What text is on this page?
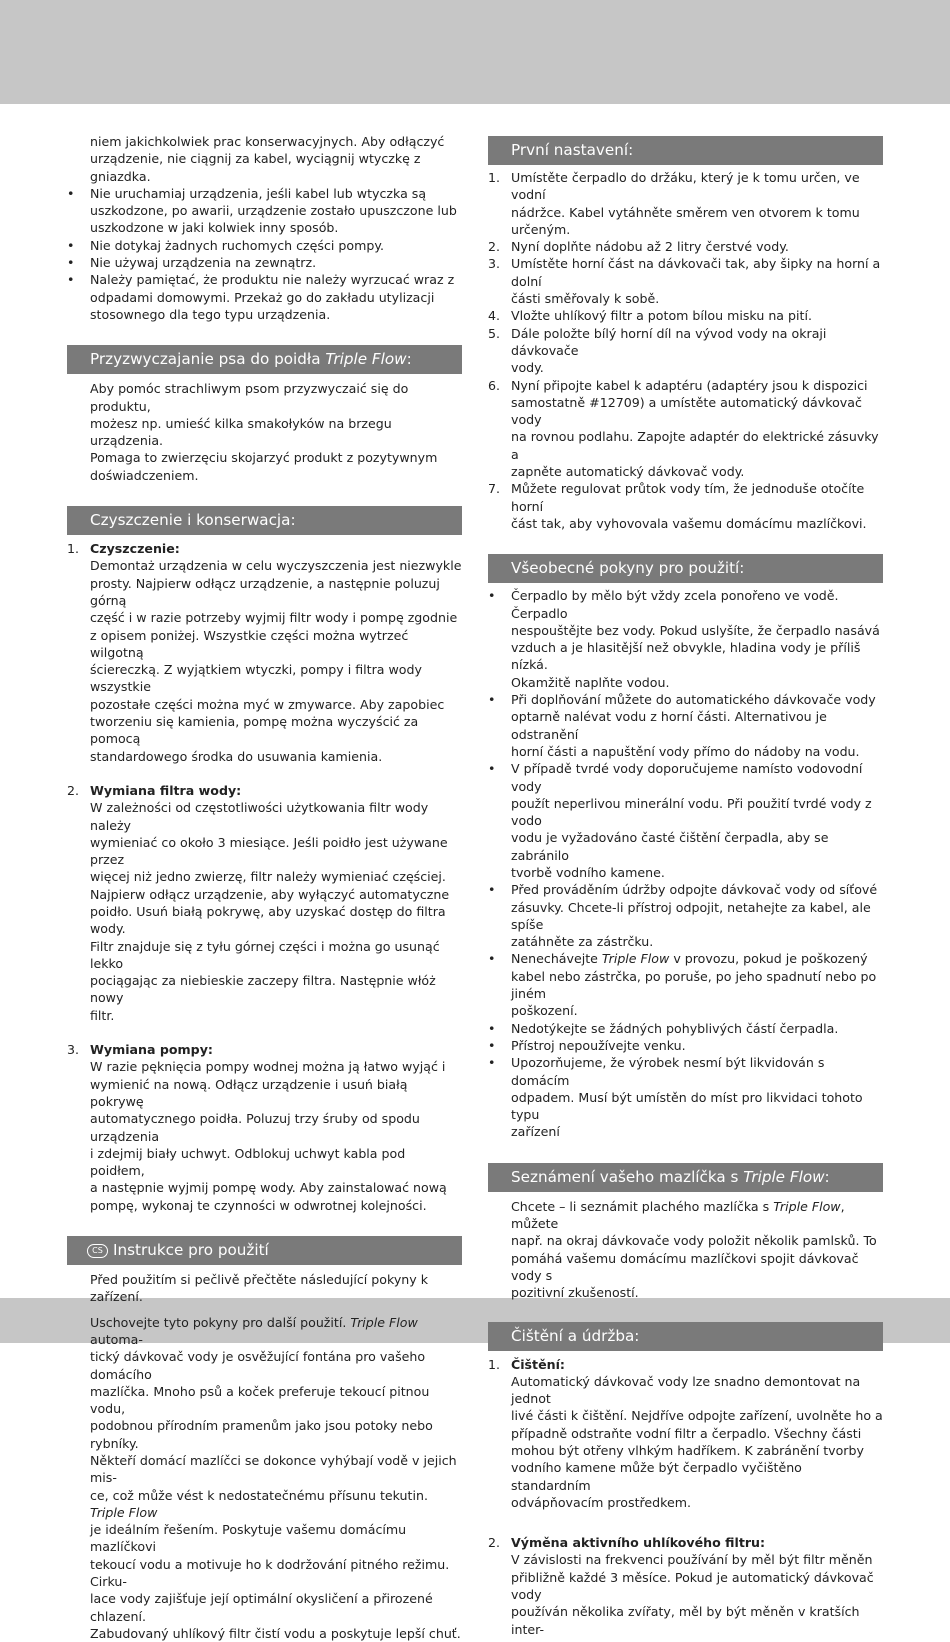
niem jakichkolwiek prac konserwacyjnych. Aby odłączyć

urządzenie, nie ciągnij za kabel, wyciągnij wtyczkę z gniazdka.

• Nie uruchamiaj urządzenia, jeśli kabel lub wtyczka są

uszkodzone, po awarii, urządzenie zostało upuszczone lub

uszkodzone w jaki kolwiek inny sposób.

• Nie dotykaj żadnych ruchomych części pompy.

• Nie używaj urządzenia na zewnątrz.

• Należy pamiętać, że produktu nie należy wyrzucać wraz z

odpadami domowymi. Przekaż go do zakładu utylizacji

stosownego dla tego typu urządzenia.

Przyzwyczajanie psa do poidła Triple Flow:

Aby pomóc strachliwym psom przyzwyczaić się do produktu,

możesz np. umieść kilka smakołyków na brzegu urządzenia.

Pomaga to zwierzęciu skojarzyć produkt z pozytywnym

doświadczeniem.

Czyszczenie i konserwacja:
1. Czyszczenie:

Demontaż urządzenia w celu wyczyszczenia jest niezwykle

prosty. Najpierw odłącz urządzenie, a następnie poluzuj górną

część i w razie potrzeby wyjmij filtr wody i pompę zgodnie

z opisem poniżej. Wszystkie części można wytrzeć wilgotną

ściereczką. Z wyjątkiem wtyczki, pompy i filtra wody wszystkie

pozostałe części można myć w zmywarce. Aby zapobiec

tworzeniu się kamienia, pompę można wyczyścić za pomocą

standardowego środka do usuwania kamienia.

2. Wymiana filtra wody:

W zależności od częstotliwości użytkowania filtr wody należy

wymieniać co około 3 miesiące. Jeśli poidło jest używane przez

więcej niż jedno zwierzę, filtr należy wymieniać częściej.

Najpierw odłącz urządzenie, aby wyłączyć automatyczne

poidło. Usuń białą pokrywę, aby uzyskać dostęp do filtra wody.

Filtr znajduje się z tyłu górnej części i można go usunąć lekko

pociągając za niebieskie zaczepy filtra. Następnie włóż nowy

filtr.

3. Wymiana pompy:

W razie pęknięcia pompy wodnej można ją łatwo wyjąć i

wymienić na nową. Odłącz urządzenie i usuń białą pokrywę

automatycznego poidła. Poluzuj trzy śruby od spodu urządzenia

i zdejmij biały uchwyt. Odblokuj uchwyt kabla pod poidłem,

a następnie wyjmij pompę wody. Aby zainstalować nową

pompę, wykonaj te czynności w odwrotnej kolejności.

CS Instrukce pro použití

Před použitím si pečlivě přečtěte následující pokyny k zařízení.

Uschovejte tyto pokyny pro další použití. Triple Flow automa-

tický dávkovač vody je osvěžující fontána pro vašeho domácího

mazlíčka. Mnoho psů a koček preferuje tekoucí pitnou vodu,

podobnou přírodním pramenům jako jsou potoky nebo rybníky.

Někteří domácí mazlíčci se dokonce vyhýbají vodě v jejich mis-

ce, což může vést k nedostatečnému přísunu tekutin. Triple Flow

je ideálním řešením. Poskytuje vašemu domácímu mazlíčkovi

tekoucí vodu a motivuje ho k dodržování pitného režimu. Cirku-

lace vody zajišťuje její optimální okysličení a přirozené chlazení.

Zabudovaný uhlíkový filtr čistí vodu a poskytuje lepší chuť.

První nastavení:
1. Umístěte čerpadlo do držáku, který je k tomu určen, ve vodní

nádržce. Kabel vytáhněte směrem ven otvorem k tomu

určeným.

2. Nyní doplňte nádobu až 2 litry čerstvé vody.

3. Umístěte horní část na dávkovači tak, aby šipky na horní a dolní

části směřovaly k sobě.

4. Vložte uhlíkový filtr a potom bílou misku na pití.

5. Dále položte bílý horní díl na vývod vody na okraji dávkovače

vody.

6. Nyní připojte kabel k adaptéru (adaptéry jsou k dispozici

samostatně #12709) a umístěte automatický dávkovač vody

na rovnou podlahu. Zapojte adaptér do elektrické zásuvky a

zapněte automatický dávkovač vody.

7. Můžete regulovat průtok vody tím, že jednoduše otočíte horní

část tak, aby vyhovovala vašemu domácímu mazlíčkovi.

Všeobecné pokyny pro použití:

• Čerpadlo by mělo být vždy zcela ponořeno ve vodě. Čerpadlo

nespouštějte bez vody. Pokud uslyšíte, že čerpadlo nasává

vzduch a je hlasitější než obvykle, hladina vody je příliš nízká.

Okamžitě naplňte vodou.

• Při doplňování můžete do automatického dávkovače vody

optarně nalévat vodu z horní části. Alternativou je odstranění

horní části a napuštění vody přímo do nádoby na vodu.

• V případě tvrdé vody doporučujeme namísto vodovodní vody

použít neperlivou minerální vodu. Při použití tvrdé vody z vodo

vodu je vyžadováno časté čištění čerpadla, aby se zabránilo

tvorbě vodního kamene.

• Před prováděním údržby odpojte dávkovač vody od síťové

zásuvky. Chcete-li přístroj odpojit, netahejte za kabel, ale spíše

zatáhněte za zástrčku.

• Nenechávejte Triple Flow v provozu, pokud je poškozený

kabel nebo zástrčka, po poruše, po jeho spadnutí nebo po jiném

poškození.

• Nedotýkejte se žádných pohyblivých částí čerpadla.

• Přístroj nepoužívejte venku.

• Upozorňujeme, že výrobek nesmí být likvidován s domácím

odpadem. Musí být umístěn do míst pro likvidaci tohoto typu

zařízení

Seznámení vašeho mazlíčka s Triple Flow:

Chcete – li seznámit plachého mazlíčka s Triple Flow, můžete

např. na okraj dávkovače vody položit několik pamlsků. To

pomáhá vašemu domácímu mazlíčkovi spojit dávkovač vody s

pozitivní zkušeností.

Čištění a údržba:
1. Čištění:

Automatický dávkovač vody lze snadno demontovat na jednot

livé části k čištění. Nejdříve odpojte zařízení, uvolněte ho a

případně odstraňte vodní filtr a čerpadlo. Všechny části

mohou být otřeny vlhkým hadříkem. K zabránění tvorby

vodního kamene může být čerpadlo vyčištěno standardním

odvápňovacím prostředkem.

2. Výměna aktivního uhlíkového filtru:

V závislosti na frekvenci používání by měl být filtr měněn

přibližně každé 3 měsíce. Pokud je automatický dávkovač vody

používán několika zvířaty, měl by být měněn v kratších inter-
